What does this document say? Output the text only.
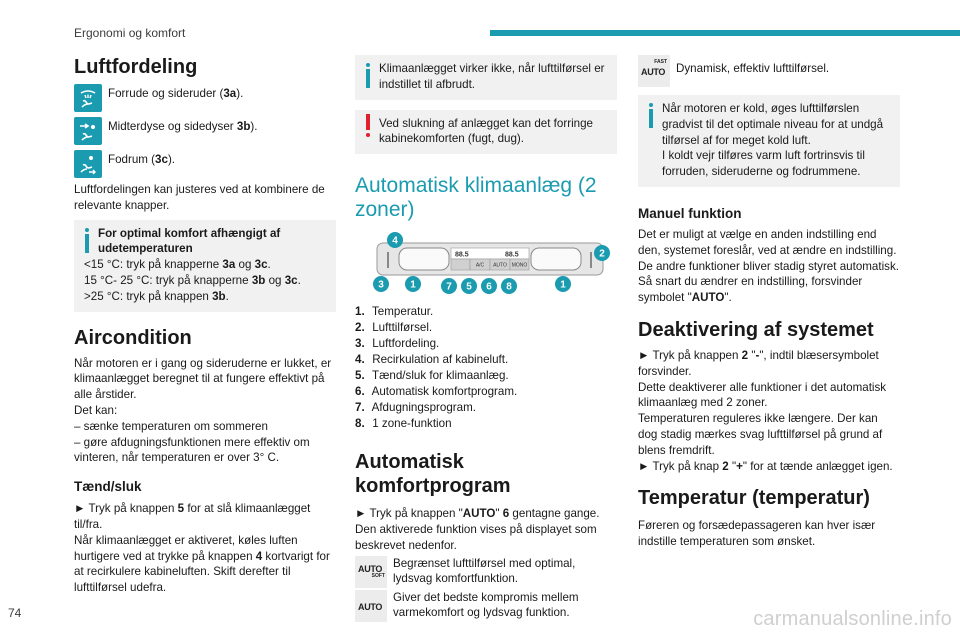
Ergonomi og komfort
Luftfordeling
Forrude og sideruder (3a).
Midterdyse og sidedyser 3b).
Fodrum (3c).
Luftfordelingen kan justeres ved at kombinere de relevante knapper.
For optimal komfort afhængigt af udetemperaturen
<15 °C: tryk på knapperne 3a og 3c.
15 °C- 25 °C: tryk på knapperne 3b og 3c.
>25 °C: tryk på knappen 3b.
Aircondition
Når motoren er i gang og sideruderne er lukket, er klimaanlægget beregnet til at fungere effektivt på alle årstider.
Det kan:
– sænke temperaturen om sommeren
– gøre afdugningsfunktionen mere effektiv om vinteren, når temperaturen er over 3° C.
Tænd/sluk
► Tryk på knappen 5 for at slå klimaanlægget til/fra.
Når klimaanlægget er aktiveret, køles luften hurtigere ved at trykke på knappen 4 kortvarigt for at recirkulere kabineluften. Skift derefter til lufttilførsel udefra.
Klimaanlægget virker ikke, når lufttilførsel er indstillet til afbrudt.
Ved slukning af anlægget kan det forringe kabinekomforten (fugt, dug).
Automatisk klimaanlæg (2 zoner)
4
2
3	1	7 5 6 8	1
A/C AUTO MONO
88.5	88.5
1. Temperatur.
2. Lufttilførsel.
3. Luftfordeling.
4. Recirkulation af kabineluft.
5. Tænd/sluk for klimaanlæg.
6. Automatisk komfortprogram.
7. Afdugningsprogram.
8. 1 zone-funktion
Automatisk komfortprogram
► Tryk på knappen "AUTO" 6 gentagne gange.
Den aktiverede funktion vises på displayet som beskrevet nedenfor.
AUTO
SOFT
Begrænset lufttilførsel med optimal, lydsvag komfortfunktion.
AUTO
Giver det bedste kompromis mellem varmekomfort og lydsvag funktion.
FAST
AUTO Dynamisk, effektiv lufttilførsel.
Når motoren er kold, øges lufttilførslen gradvist til det optimale niveau for at undgå tilførsel af for meget kold luft.
I koldt vejr tilføres varm luft fortrinsvis til forruden, sideruderne og fodrummene.
Manuel funktion
Det er muligt at vælge en anden indstilling end den, systemet foreslår, ved at ændre en indstilling. De andre funktioner bliver stadig styret automatisk.
Så snart du ændrer en indstilling, forsvinder symbolet "AUTO".
Deaktivering af systemet
► Tryk på knappen 2 "-", indtil blæsersymbolet forsvinder.
Dette deaktiverer alle funktioner i det automatisk klimaanlæg med 2 zoner.
Temperaturen reguleres ikke længere. Der kan dog stadig mærkes svag lufttilførsel på grund af blens fremdrift.
► Tryk på knap 2 "+" for at tænde anlægget igen.
Temperatur (temperatur)
Føreren og forsædepassageren kan hver især indstille temperaturen som ønsket.
74	carmanualsonline.info
